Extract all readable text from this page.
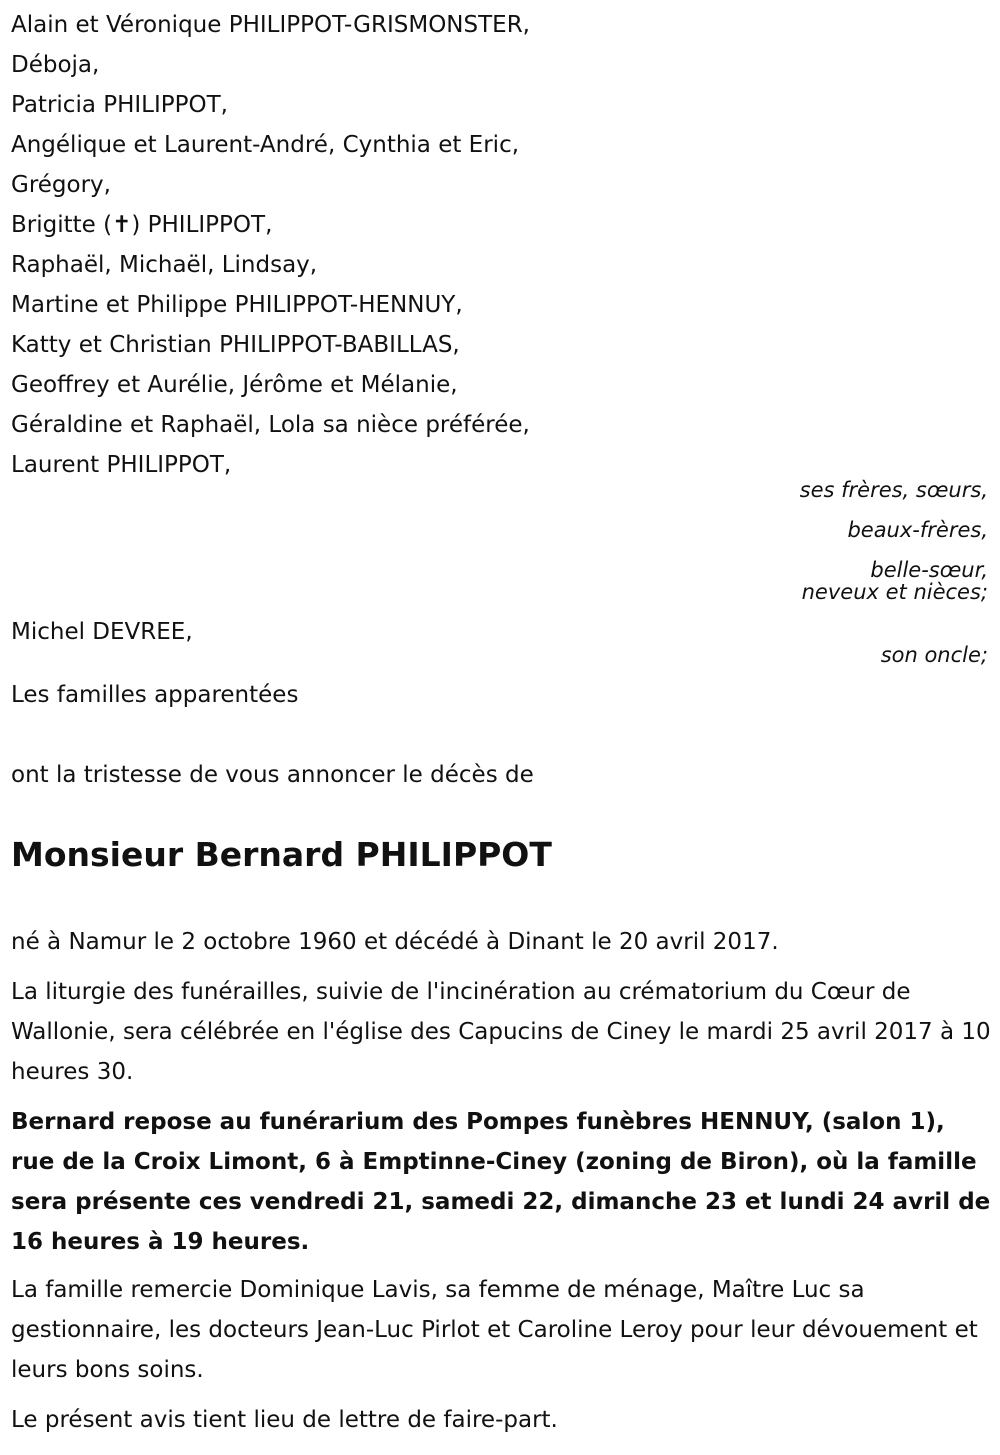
Alain et Véronique PHILIPPOT-GRISMONSTER,
Déboja,
Patricia PHILIPPOT,
Angélique et Laurent-André, Cynthia et Eric,
Grégory,
Brigitte (✝) PHILIPPOT,
Raphaël, Michaël, Lindsay,
Martine et Philippe PHILIPPOT-HENNUY,
Katty et Christian PHILIPPOT-BABILLAS,
Geoffrey et Aurélie, Jérôme et Mélanie,
Géraldine et Raphaël, Lola sa nièce préférée,
Laurent PHILIPPOT,
ses frères, sœurs,
beaux-frères,
belle-sœur,
neveux et nièces;
Michel DEVREE,
son oncle;
Les familles apparentées
ont la tristesse de vous annoncer le décès de
Monsieur Bernard PHILIPPOT
né à Namur le 2 octobre 1960 et décédé à Dinant le 20 avril 2017.
La liturgie des funérailles, suivie de l'incinération au crématorium du Cœur de Wallonie, sera célébrée en l'église des Capucins de Ciney le mardi 25 avril 2017 à 10 heures 30.
Bernard repose au funérarium des Pompes funèbres HENNUY, (salon 1), rue de la Croix Limont, 6 à Emptinne-Ciney (zoning de Biron), où la famille sera présente ces vendredi 21, samedi 22, dimanche 23 et lundi 24 avril de 16 heures à 19 heures.
La famille remercie Dominique Lavis, sa femme de ménage, Maître Luc sa gestionnaire, les docteurs Jean-Luc Pirlot et Caroline Leroy pour leur dévouement et leurs bons soins.
Le présent avis tient lieu de lettre de faire-part.
